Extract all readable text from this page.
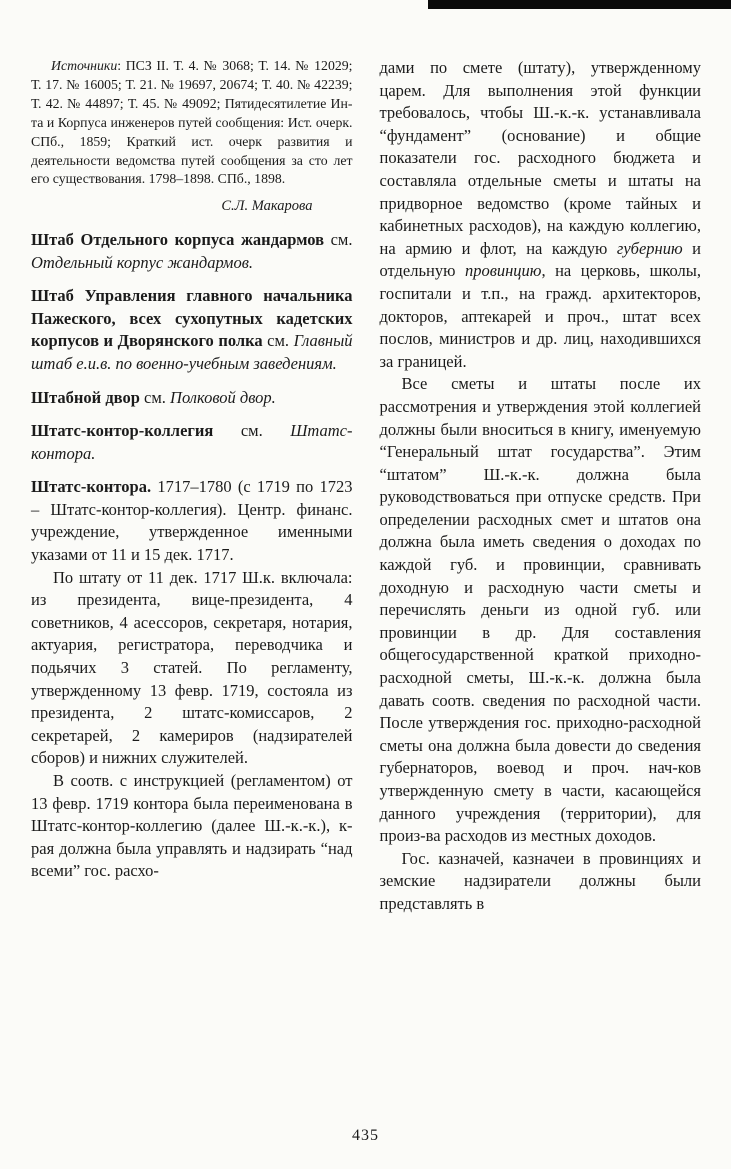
Источники: ПСЗ II. Т. 4. № 3068; Т. 14. № 12029; Т. 17. № 16005; Т. 21. № 19697, 20674; Т. 40. № 42239; Т. 42. № 44897; Т. 45. № 49092; Пятидесятилетие Ин-та и Корпуса инженеров путей сообщения: Ист. очерк. СПб., 1859; Краткий ист. очерк развития и деятельности ведомства путей сообщения за сто лет его существования. 1798–1898. СПб., 1898.

С.Л. Макарова

Штаб Отдельного корпуса жандармов см. Отдельный корпус жандармов.

Штаб Управления главного начальника Пажеского, всех сухопутных кадетских корпусов и Дворянского полка см. Главный штаб е.и.в. по военно-учебным заведениям.

Штабной двор см. Полковой двор.

Штатс-контор-коллегия см. Штатс-контора.

Штатс-контора. 1717–1780 (с 1719 по 1723 – Штатс-контор-коллегия). Центр. финанс. учреждение, утвержденное именными указами от 11 и 15 дек. 1717.

По штату от 11 дек. 1717 Ш.к. включала: из президента, вице-президента, 4 советников, 4 асессоров, секретаря, нотария, актуария, регистратора, переводчика и подьячих 3 статей. По регламенту, утвержденному 13 февр. 1719, состояла из президента, 2 штатс-комиссаров, 2 секретарей, 2 камериров (надзирателей сборов) и нижних служителей.

В соотв. с инструкцией (регламентом) от 13 февр. 1719 контора была переименована в Штатс-контор-коллегию (далее Ш.-к.-к.), к-рая должна была управлять и надзирать “над всеми” гос. расхо-

дами по смете (штату), утвержденному царем. Для выполнения этой функции требовалось, чтобы Ш.-к.-к. устанавливала “фундамент” (основание) и общие показатели гос. расходного бюджета и составляла отдельные сметы и штаты на придворное ведомство (кроме тайных и кабинетных расходов), на каждую коллегию, на армию и флот, на каждую губернию и отдельную провинцию, на церковь, школы, госпитали и т.п., на гражд. архитекторов, докторов, аптекарей и проч., штат всех послов, министров и др. лиц, находившихся за границей.

Все сметы и штаты после их рассмотрения и утверждения этой коллегией должны были вноситься в книгу, именуемую “Генеральный штат государства”. Этим “штатом” Ш.-к.-к. должна была руководствоваться при отпуске средств. При определении расходных смет и штатов она должна была иметь сведения о доходах по каждой губ. и провинции, сравнивать доходную и расходную части сметы и перечислять деньги из одной губ. или провинции в др. Для составления общегосударственной краткой приходно-расходной сметы, Ш.-к.-к. должна была давать соотв. сведения по расходной части. После утверждения гос. приходно-расходной сметы она должна была довести до сведения губернаторов, воевод и проч. нач-ков утвержденную смету в части, касающейся данного учреждения (территории), для произ-ва расходов из местных доходов.

Гос. казначей, казначеи в провинциях и земские надзиратели должны были представлять в

435
